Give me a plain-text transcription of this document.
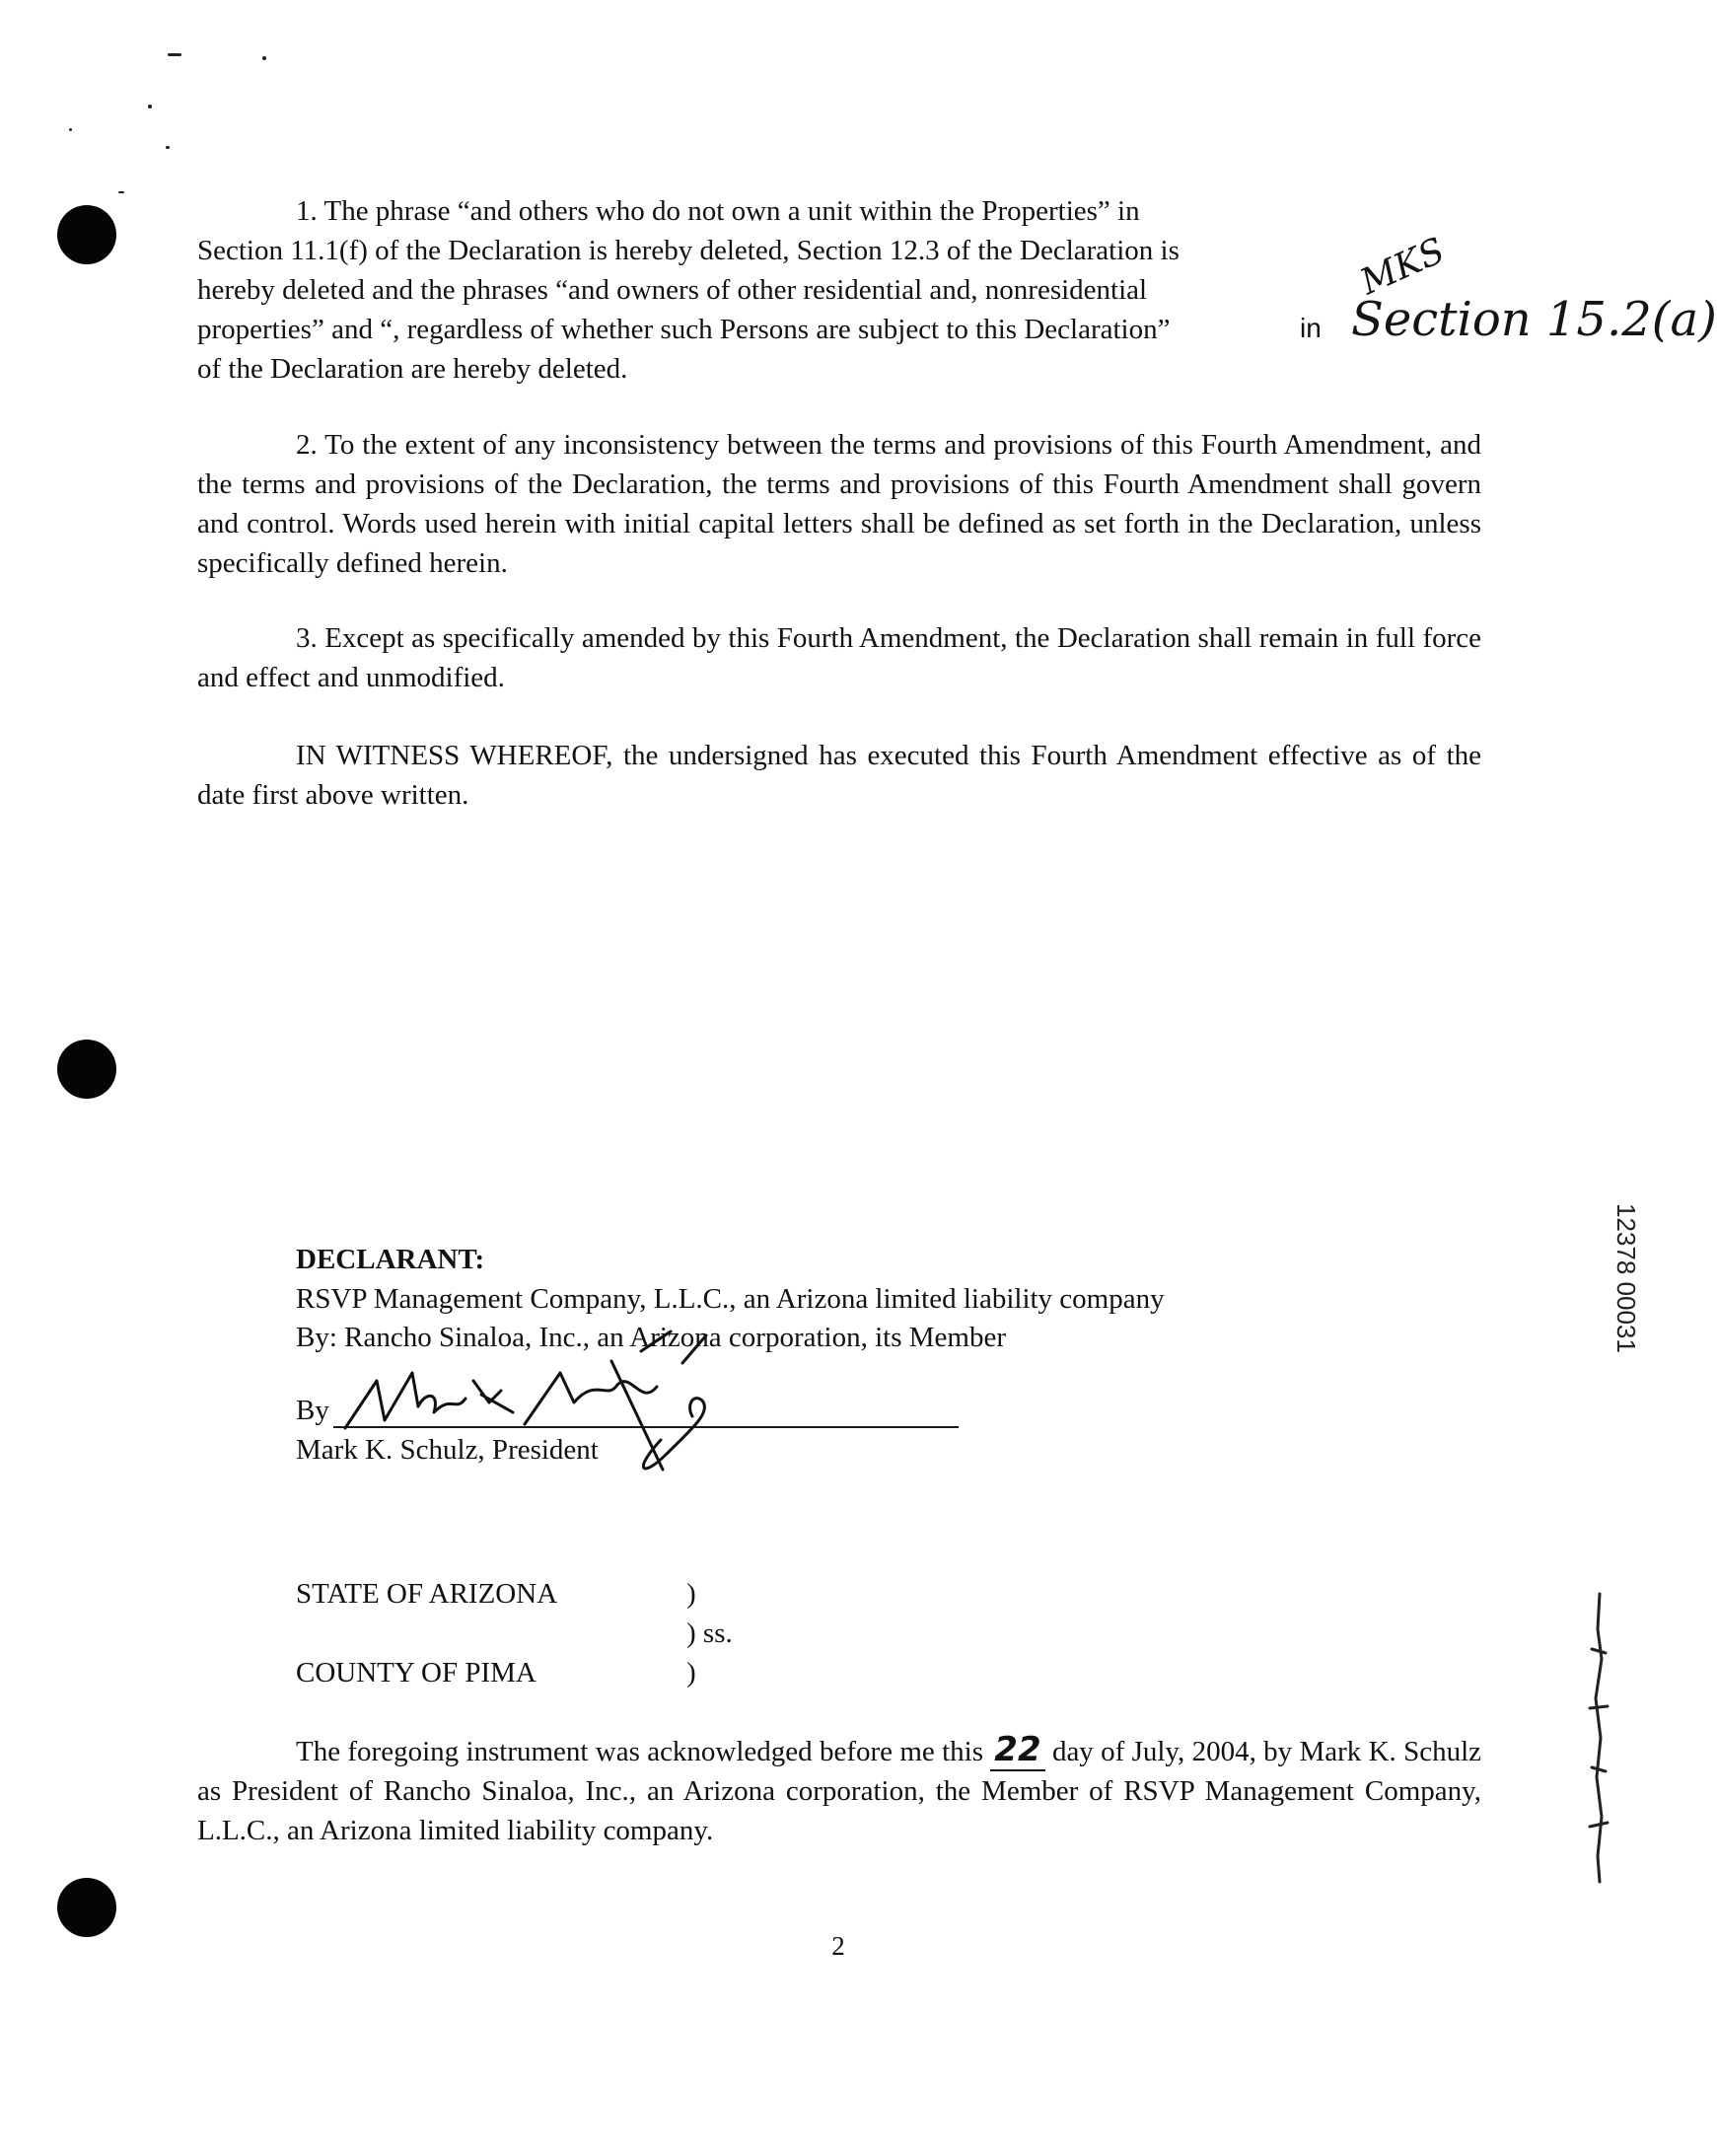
1. The phrase “and others who do not own a unit within the Properties” in
Section 11.1(f) of the Declaration is hereby deleted, Section 12.3 of the Declaration is
hereby deleted and the phrases “and owners of other residential and, nonresidential
properties” and “, regardless of whether such Persons are subject to this Declaration”
of the Declaration are hereby deleted.
MKS
in Section 15.2(a)
2. To the extent of any inconsistency between the terms and provisions of this Fourth Amendment, and the terms and provisions of the Declaration, the terms and provisions of this Fourth Amendment shall govern and control. Words used herein with initial capital letters shall be defined as set forth in the Declaration, unless specifically defined herein.
3. Except as specifically amended by this Fourth Amendment, the Declaration shall remain in full force and effect and unmodified.
IN WITNESS WHEREOF, the undersigned has executed this Fourth Amendment effective as of the date first above written.
DECLARANT:
RSVP Management Company, L.L.C., an Arizona limited liability company
By: Rancho Sinaloa, Inc., an Arizona corporation, its Member
By
Mark K. Schulz, President
STATE OF ARIZONA	)
) ss.
COUNTY OF PIMA	)
The foregoing instrument was acknowledged before me this 22 day of July, 2004, by Mark K. Schulz as President of Rancho Sinaloa, Inc., an Arizona corporation, the Member of RSVP Management Company, L.L.C., an Arizona limited liability company.
12378 00031
2
